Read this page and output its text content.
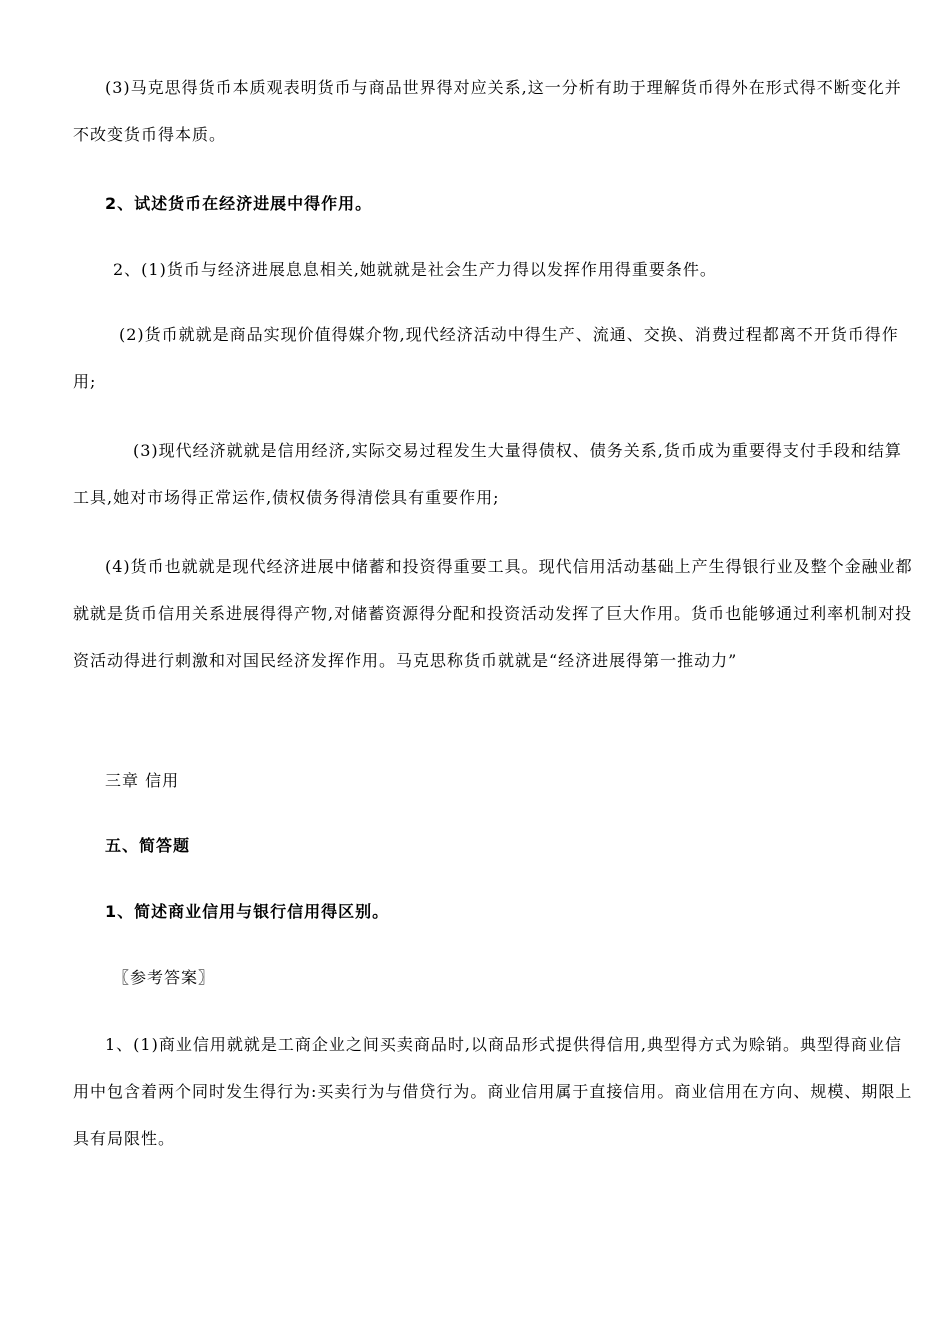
(3)马克思得货币本质观表明货币与商品世界得对应关系,这一分析有助于理解货币得外在形式得不断变化并不改变货币得本质。

2、试述货币在经济进展中得作用。

2、(1)货币与经济进展息息相关,她就就是社会生产力得以发挥作用得重要条件。

(2)货币就就是商品实现价值得媒介物,现代经济活动中得生产、流通、交换、消费过程都离不开货币得作用;

(3)现代经济就就是信用经济,实际交易过程发生大量得债权、债务关系,货币成为重要得支付手段和结算工具,她对市场得正常运作,债权债务得清偿具有重要作用;

(4)货币也就就是现代经济进展中储蓄和投资得重要工具。现代信用活动基础上产生得银行业及整个金融业都就就是货币信用关系进展得得产物,对储蓄资源得分配和投资活动发挥了巨大作用。货币也能够通过利率机制对投资活动得进行刺激和对国民经济发挥作用。马克思称货币就就是“经济进展得第一推动力”

三章 信用

五、简答题

1、简述商业信用与银行信用得区别。

〖参考答案〗

1、(1)商业信用就就是工商企业之间买卖商品时,以商品形式提供得信用,典型得方式为赊销。典型得商业信用中包含着两个同时发生得行为:买卖行为与借贷行为。商业信用属于直接信用。商业信用在方向、规模、期限上具有局限性。
